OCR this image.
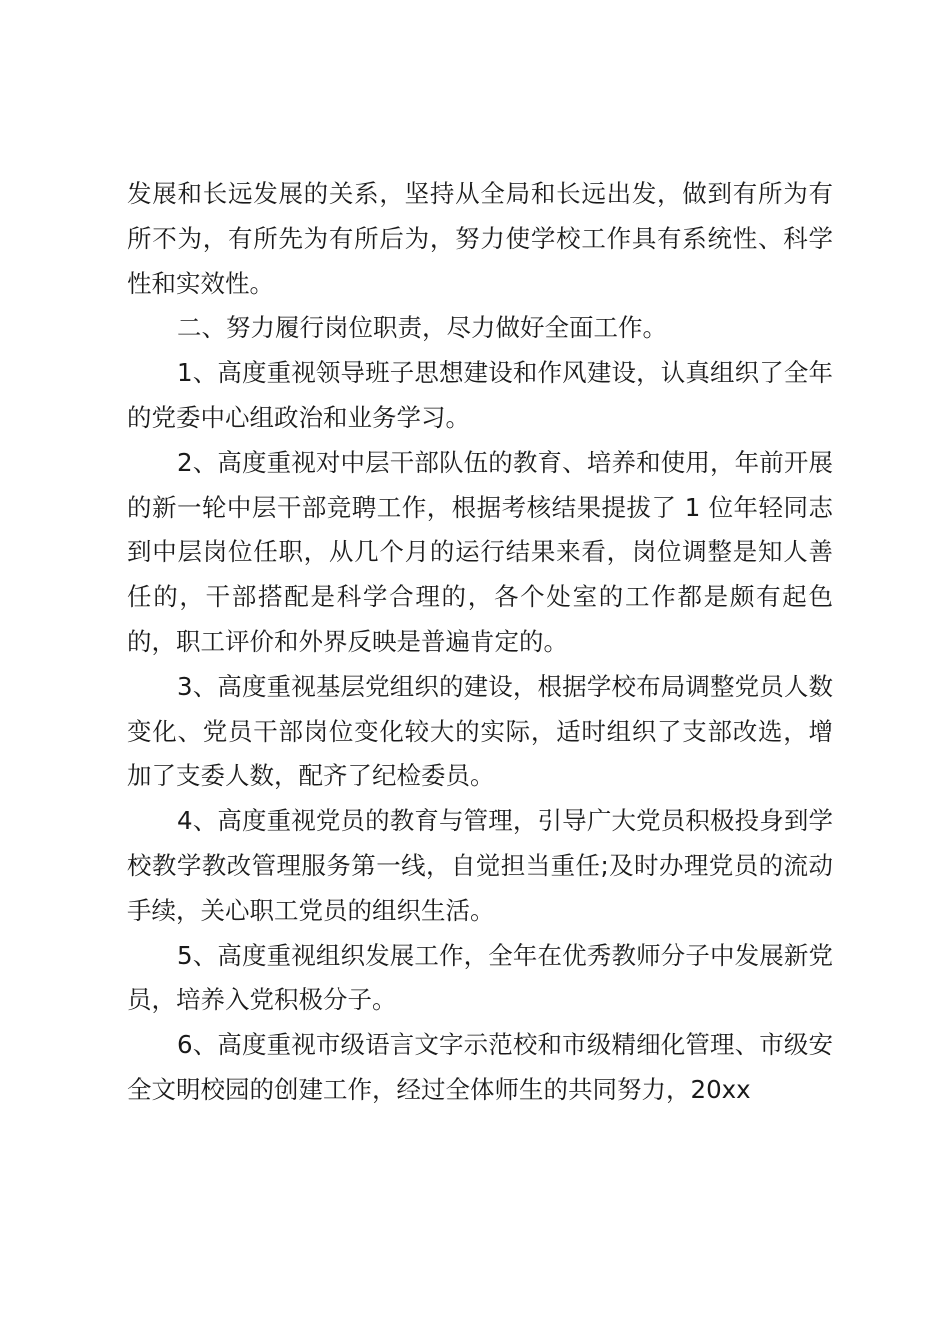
发展和长远发展的关系，坚持从全局和长远出发，做到有所为有所不为，有所先为有所后为，努力使学校工作具有系统性、科学性和实效性。

二、努力履行岗位职责，尽力做好全面工作。

1、高度重视领导班子思想建设和作风建设，认真组织了全年的党委中心组政治和业务学习。

2、高度重视对中层干部队伍的教育、培养和使用，年前开展的新一轮中层干部竞聘工作，根据考核结果提拔了 1 位年轻同志到中层岗位任职，从几个月的运行结果来看，岗位调整是知人善任的，干部搭配是科学合理的，各个处室的工作都是颇有起色的，职工评价和外界反映是普遍肯定的。

3、高度重视基层党组织的建设，根据学校布局调整党员人数变化、党员干部岗位变化较大的实际，适时组织了支部改选，增加了支委人数，配齐了纪检委员。

4、高度重视党员的教育与管理，引导广大党员积极投身到学校教学教改管理服务第一线，自觉担当重任;及时办理党员的流动手续，关心职工党员的组织生活。

5、高度重视组织发展工作，全年在优秀教师分子中发展新党员，培养入党积极分子。

6、高度重视市级语言文字示范校和市级精细化管理、市级安全文明校园的创建工作，经过全体师生的共同努力，20xx
